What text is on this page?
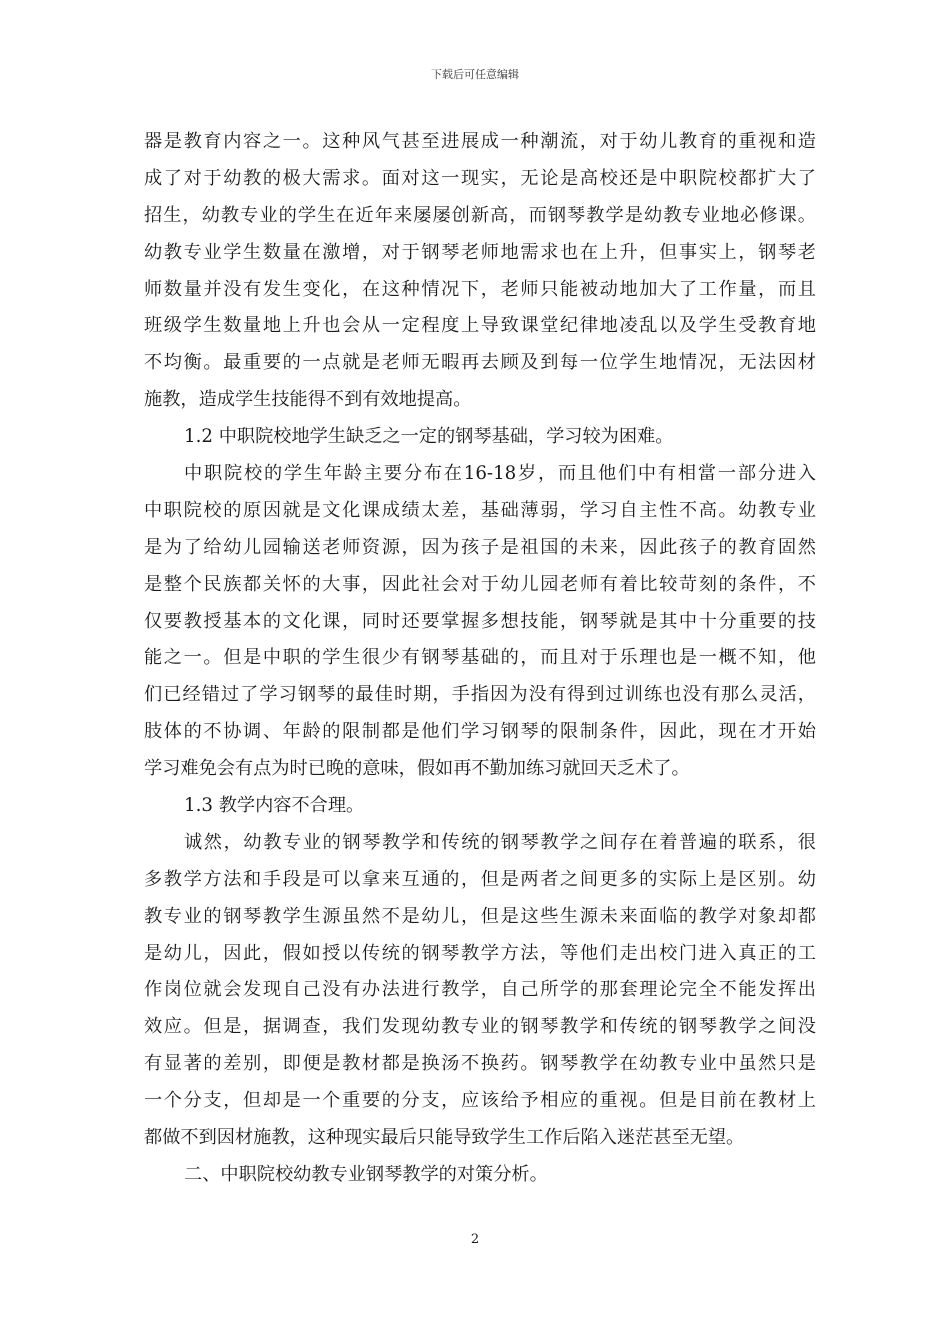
下载后可任意编辑
器是教育内容之一。这种风气甚至进展成一种潮流，对于幼儿教育的重视和造
成了对于幼教的极大需求。面对这一现实，无论是高校还是中职院校都扩大了
招生，幼教专业的学生在近年来屡屡创新高，而钢琴教学是幼教专业地必修课。
幼教专业学生数量在激增，对于钢琴老师地需求也在上升，但事实上，钢琴老
师数量并没有发生变化，在这种情况下，老师只能被动地加大了工作量，而且
班级学生数量地上升也会从一定程度上导致课堂纪律地凌乱以及学生受教育地
不均衡。最重要的一点就是老师无暇再去顾及到每一位学生地情况，无法因材
施教，造成学生技能得不到有效地提高。
1.2 中职院校地学生缺乏之一定的钢琴基础，学习较为困难。
中职院校的学生年龄主要分布在16-18岁，而且他们中有相當一部分进入
中职院校的原因就是文化课成绩太差，基础薄弱，学习自主性不高。幼教专业
是为了给幼儿园输送老师资源，因为孩子是祖国的未来，因此孩子的教育固然
是整个民族都关怀的大事，因此社会对于幼儿园老师有着比较苛刻的条件，不
仅要教授基本的文化课，同时还要掌握多想技能，钢琴就是其中十分重要的技
能之一。但是中职的学生很少有钢琴基础的，而且对于乐理也是一概不知，他
们已经错过了学习钢琴的最佳时期，手指因为没有得到过训练也没有那么灵活，
肢体的不协调、年龄的限制都是他们学习钢琴的限制条件，因此，现在才开始
学习难免会有点为时已晚的意味，假如再不勤加练习就回天乏术了。
1.3 教学内容不合理。
诚然，幼教专业的钢琴教学和传统的钢琴教学之间存在着普遍的联系，很
多教学方法和手段是可以拿来互通的，但是两者之间更多的实际上是区别。幼
教专业的钢琴教学生源虽然不是幼儿，但是这些生源未来面临的教学对象却都
是幼儿，因此，假如授以传统的钢琴教学方法，等他们走出校门进入真正的工
作岗位就会发现自己没有办法进行教学，自己所学的那套理论完全不能发挥出
效应。但是，据调查，我们发现幼教专业的钢琴教学和传统的钢琴教学之间没
有显著的差别，即便是教材都是换汤不换药。钢琴教学在幼教专业中虽然只是
一个分支，但却是一个重要的分支，应该给予相应的重视。但是目前在教材上
都做不到因材施教，这种现实最后只能导致学生工作后陷入迷茫甚至无望。
二、中职院校幼教专业钢琴教学的对策分析。
2
